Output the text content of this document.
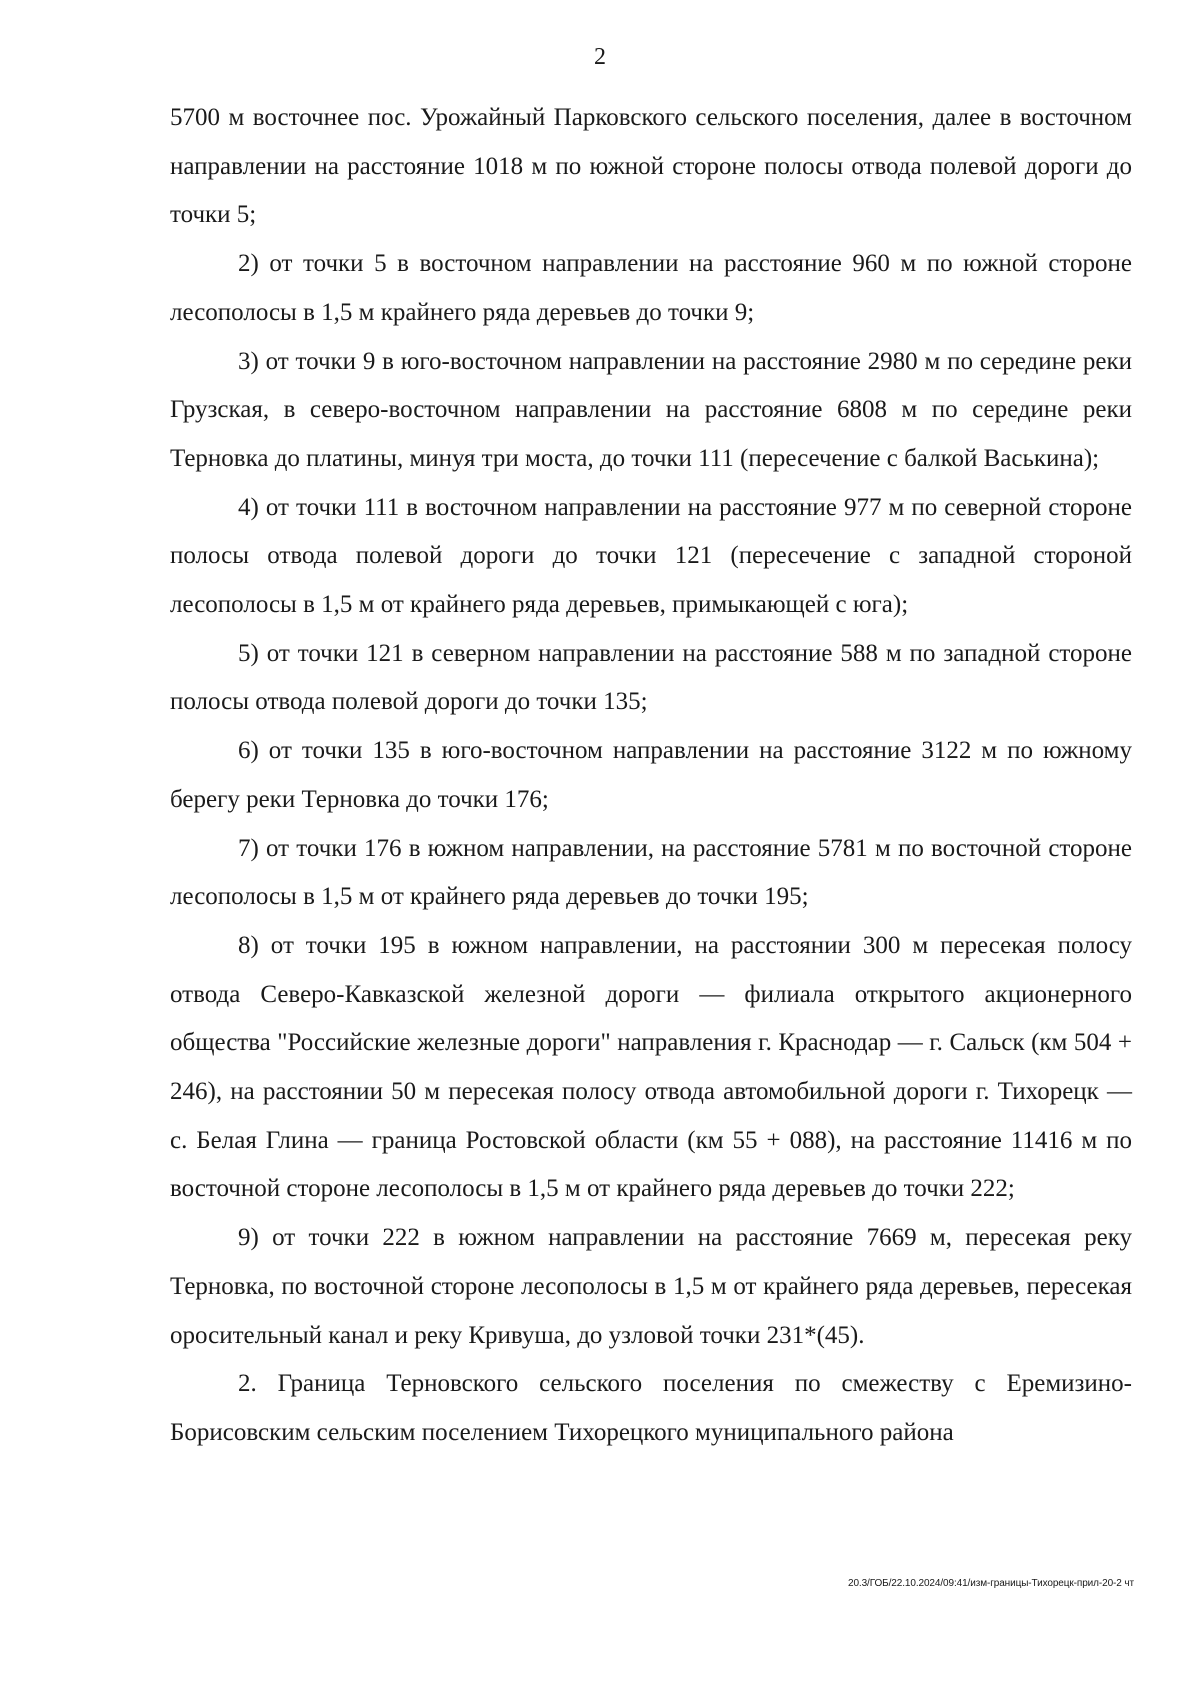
2

5700 м восточнее пос. Урожайный Парковского сельского поселения, далее в восточном направлении на расстояние 1018 м по южной стороне полосы отвода полевой дороги до точки 5;

2) от точки 5 в восточном направлении на расстояние 960 м по южной стороне лесополосы в 1,5 м крайнего ряда деревьев до точки 9;

3) от точки 9 в юго-восточном направлении на расстояние 2980 м по середине реки Грузская, в северо-восточном направлении на расстояние 6808 м по середине реки Терновка до платины, минуя три моста, до точки 111 (пересечение с балкой Васькина);

4) от точки 111 в восточном направлении на расстояние 977 м по северной стороне полосы отвода полевой дороги до точки 121 (пересечение с западной стороной лесополосы в 1,5 м от крайнего ряда деревьев, примыкающей с юга);

5) от точки 121 в северном направлении на расстояние 588 м по западной стороне полосы отвода полевой дороги до точки 135;

6) от точки 135 в юго-восточном направлении на расстояние 3122 м по южному берегу реки Терновка до точки 176;

7) от точки 176 в южном направлении, на расстояние 5781 м по восточной стороне лесополосы в 1,5 м от крайнего ряда деревьев до точки 195;

8) от точки 195 в южном направлении, на расстоянии 300 м пересекая полосу отвода Северо-Кавказской железной дороги — филиала открытого акционерного общества "Российские железные дороги" направления г. Краснодар — г. Сальск (км 504 + 246), на расстоянии 50 м пересекая полосу отвода автомобильной дороги г. Тихорецк — с. Белая Глина — граница Ростовской области (км 55 + 088), на расстояние 11416 м по восточной стороне лесополосы в 1,5 м от крайнего ряда деревьев до точки 222;

9) от точки 222 в южном направлении на расстояние 7669 м, пересекая реку Терновка, по восточной стороне лесополосы в 1,5 м от крайнего ряда деревьев, пересекая оросительный канал и реку Кривуша, до узловой точки 231*(45).

2. Граница Терновского сельского поселения по смежеству с Еремизино-Борисовским сельским поселением Тихорецкого муниципального района

20.3/ГОБ/22.10.2024/09:41/изм-границы-Тихорецк-прил-20-2 чт
